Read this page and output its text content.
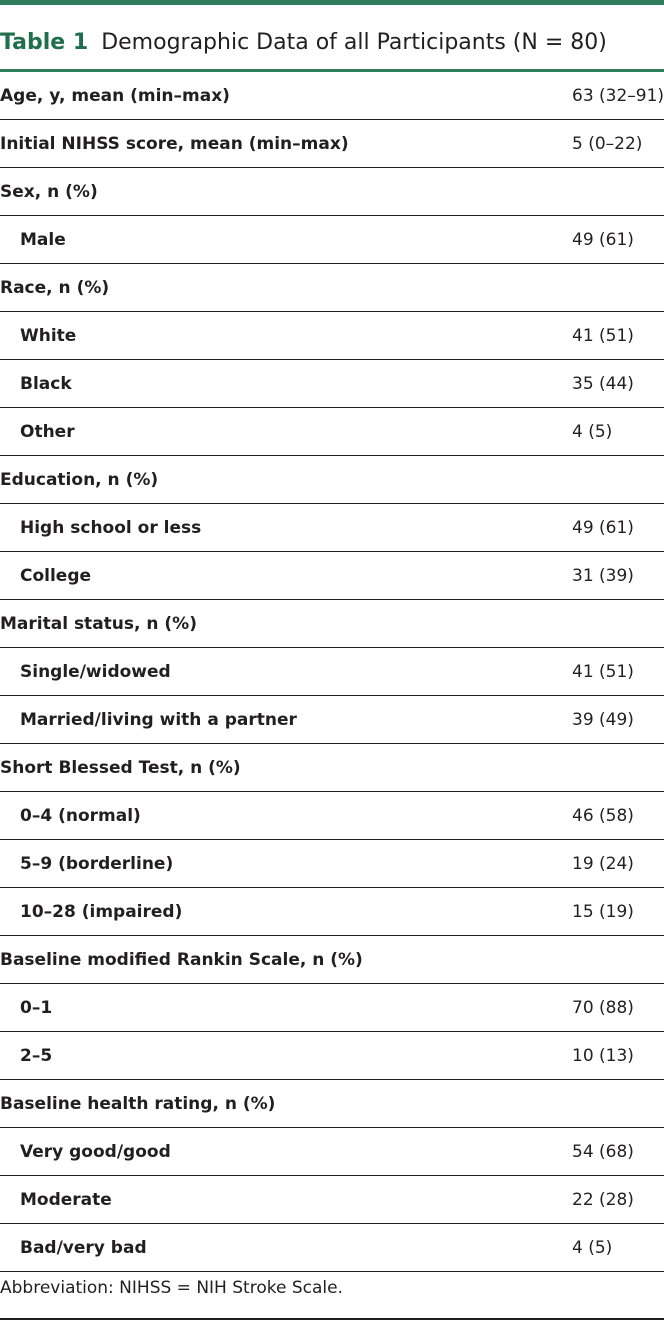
Table 1 Demographic Data of all Participants (N = 80)
Age, y, mean (min–max)	63 (32–91)
Initial NIHSS score, mean (min–max)	5 (0–22)
Sex, n (%)	
Male	49 (61)
Race, n (%)	
White	41 (51)
Black	35 (44)
Other	4 (5)
Education, n (%)	
High school or less	49 (61)
College	31 (39)
Marital status, n (%)	
Single/widowed	41 (51)
Married/living with a partner	39 (49)
Short Blessed Test, n (%)	
0–4 (normal)	46 (58)
5–9 (borderline)	19 (24)
10–28 (impaired)	15 (19)
Baseline modified Rankin Scale, n (%)	
0–1	70 (88)
2–5	10 (13)
Baseline health rating, n (%)	
Very good/good	54 (68)
Moderate	22 (28)
Bad/very bad	4 (5)
Abbreviation: NIHSS = NIH Stroke Scale.
